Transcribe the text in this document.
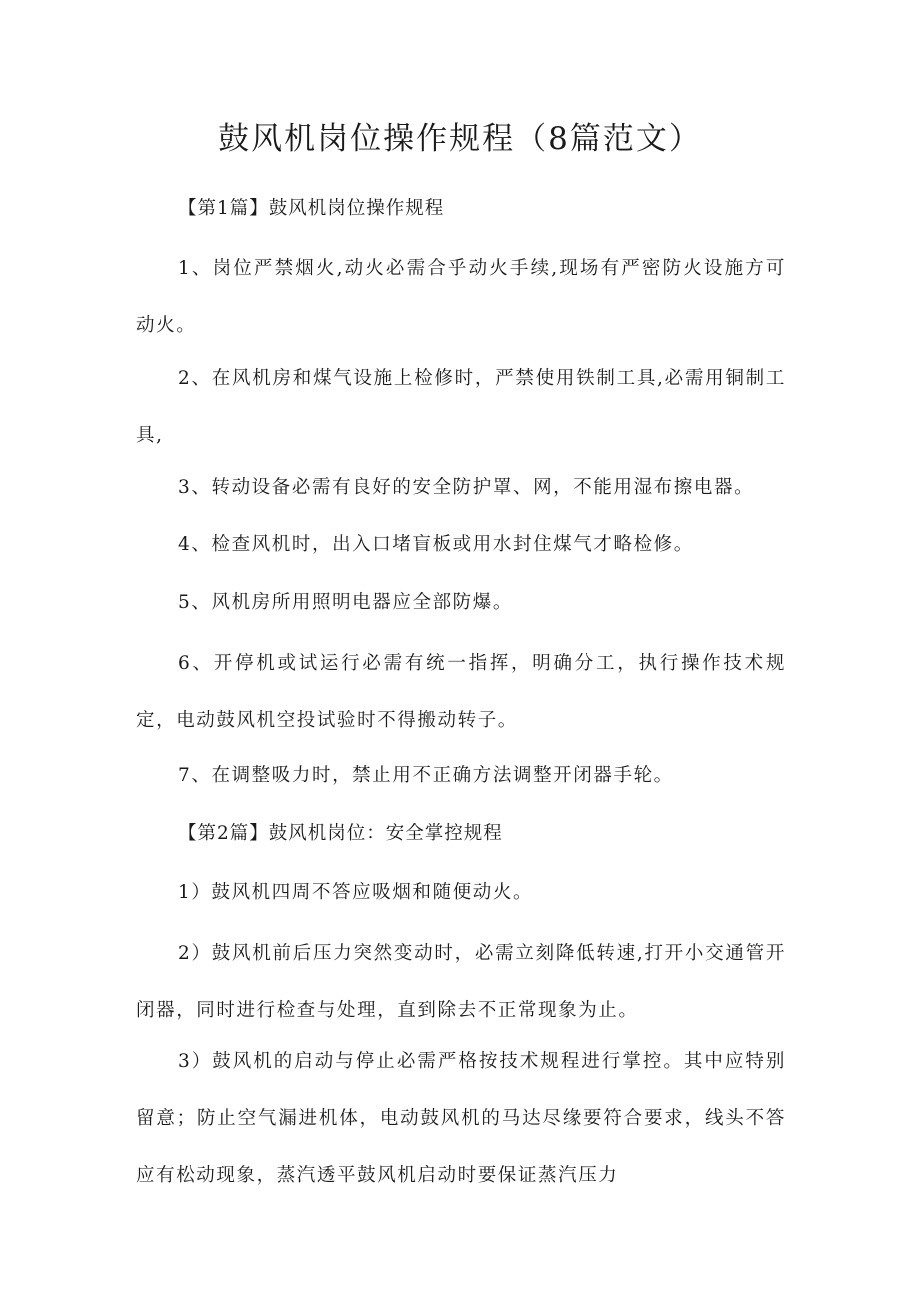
鼓风机岗位操作规程（8篇范文）
【第1篇】鼓风机岗位操作规程
1、岗位严禁烟火,动火必需合乎动火手续,现场有严密防火设施方可动火。
2、在风机房和煤气设施上检修时，严禁使用铁制工具,必需用铜制工具,
3、转动设备必需有良好的安全防护罩、网，不能用湿布擦电器。
4、检查风机时，出入口堵盲板或用水封住煤气才略检修。
5、风机房所用照明电器应全部防爆。
6、开停机或试运行必需有统一指挥，明确分工，执行操作技术规定，电动鼓风机空投试验时不得搬动转子。
7、在调整吸力时，禁止用不正确方法调整开闭器手轮。
【第2篇】鼓风机岗位：安全掌控规程
1）鼓风机四周不答应吸烟和随便动火。
2）鼓风机前后压力突然变动时，必需立刻降低转速,打开小交通管开闭器，同时进行检查与处理，直到除去不正常现象为止。
3）鼓风机的启动与停止必需严格按技术规程进行掌控。其中应特别留意；防止空气漏进机体，电动鼓风机的马达尽缘要符合要求，线头不答应有松动现象，蒸汽透平鼓风机启动时要保证蒸汽压力
